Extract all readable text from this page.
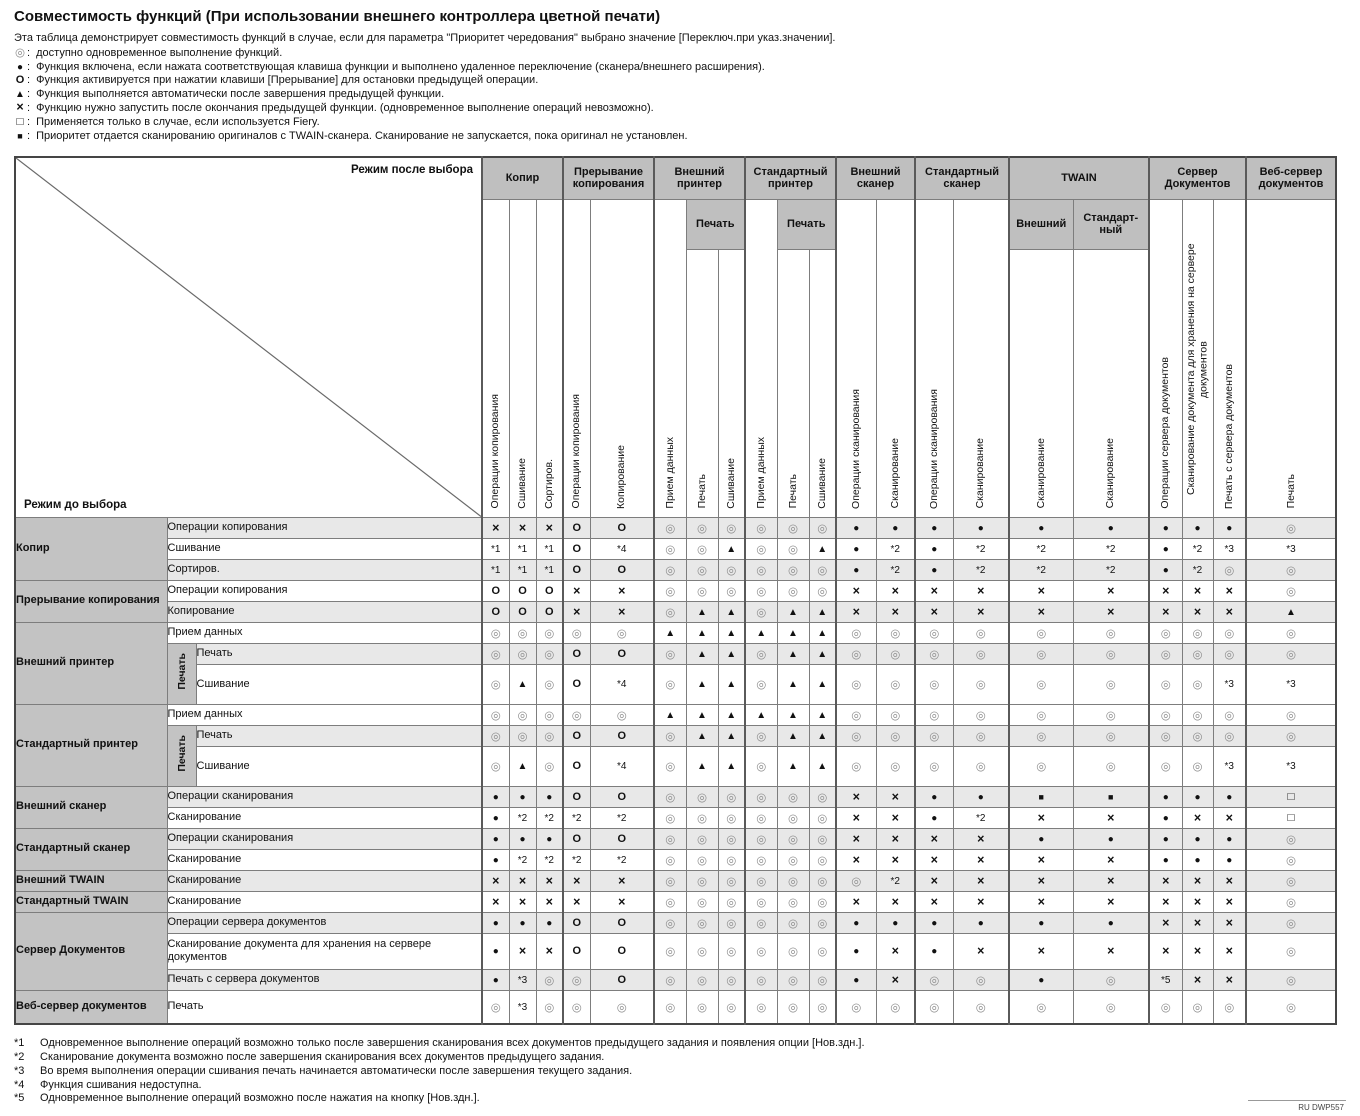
Совместимость функций (При использовании внешнего контроллера цветной печати)

Эта таблица демонстрирует совместимость функций в случае, если для параметра "Приоритет чередования" выбрано значение [Переключ.при указ.значении].

◎ : доступно одновременное выполнение функций.
● : Функция включена, если нажата соответствующая клавиша функции и выполнено удаленное переключение (сканера/внешнего расширения).
O : Функция активируется при нажатии клавиши [Прерывание] для остановки предыдущей операции.
▲ : Функция выполняется автоматически после завершения предыдущей функции.
× : Функцию нужно запустить после окончания предыдущей функции. (одновременное выполнение операций невозможно).
□ : Применяется только в случае, если используется Fiery.
■ : Приоритет отдается сканированию оригиналов с TWAIN-сканера. Сканирование не запускается, пока оригинал не установлен.
Режим после выбора
Режим до выбора			Копир			Прерывание копирования		Внешний принтер			Стандартный принтер			Внешний сканер		Стандартный сканер		TWAIN		Сервер Документов			Веб-сервер документов
			Операции копирования	Сшивание	Сортиров.	Операции копирования	Копирование	Прием данных	Печать		Прием данных	Печать		Операции сканирования	Сканирование	Операции сканирования	Сканирование	Внешний	Стандарт-ный	Операции сервера документов	Сканирование документа для хранения на сервере документов	Печать с сервера документов	Печать
									Печать	Сшивание		Печать	Сшивание					Сканирование	Сканирование				
Копир	Операции копирования		×	×	×	O	O	◎	◎	◎	◎	◎	◎	●	●	●	●	●	●	●	●	●	◎
	Сшивание		*1	*1	*1	O	*4	◎	◎	▲	◎	◎	▲	●	*2	●	*2	*2	*2	●	*2	*3	*3
	Сортиров.		*1	*1	*1	O	O	◎	◎	◎	◎	◎	◎	●	*2	●	*2	*2	*2	●	*2	◎	◎
Прерывание копирования	Операции копирования		O	O	O	×	×	◎	◎	◎	◎	◎	◎	×	×	×	×	×	×	×	×	×	◎
	Копирование		O	O	O	×	×	◎	▲	▲	◎	▲	▲	×	×	×	×	×	×	×	×	×	▲
Внешний принтер	Прием данных		◎	◎	◎	◎	◎	▲	▲	▲	▲	▲	▲	◎	◎	◎	◎	◎	◎	◎	◎	◎	◎
	Печать	Печать	◎	◎	◎	O	O	◎	▲	▲	◎	▲	▲	◎	◎	◎	◎	◎	◎	◎	◎	◎	◎
		Сшивание	◎	▲	◎	O	*4	◎	▲	▲	◎	▲	▲	◎	◎	◎	◎	◎	◎	◎	◎	*3	*3
Стандартный принтер	Прием данных		◎	◎	◎	◎	◎	▲	▲	▲	▲	▲	▲	◎	◎	◎	◎	◎	◎	◎	◎	◎	◎
	Печать	Печать	◎	◎	◎	O	O	◎	▲	▲	◎	▲	▲	◎	◎	◎	◎	◎	◎	◎	◎	◎	◎
		Сшивание	◎	▲	◎	O	*4	◎	▲	▲	◎	▲	▲	◎	◎	◎	◎	◎	◎	◎	◎	*3	*3
Внешний сканер	Операции сканирования		●	●	●	O	O	◎	◎	◎	◎	◎	◎	×	×	●	●	■	■	●	●	●	□
	Сканирование		●	*2	*2	*2	*2	◎	◎	◎	◎	◎	◎	×	×	●	*2	×	×	●	×	×	□
Стандартный сканер	Операции сканирования		●	●	●	O	O	◎	◎	◎	◎	◎	◎	×	×	×	×	●	●	●	●	●	◎
	Сканирование		●	*2	*2	*2	*2	◎	◎	◎	◎	◎	◎	×	×	×	×	×	×	●	●	●	◎
Внешний TWAIN	Сканирование		×	×	×	×	×	◎	◎	◎	◎	◎	◎	◎	*2	×	×	×	×	×	×	×	◎
Стандартный TWAIN	Сканирование		×	×	×	×	×	◎	◎	◎	◎	◎	◎	×	×	×	×	×	×	×	×	×	◎
Сервер Документов	Операции сервера документов		●	●	●	O	O	◎	◎	◎	◎	◎	◎	●	●	●	●	●	●	×	×	×	◎
	Сканирование документа для хранения на сервере документов		●	×	×	O	O	◎	◎	◎	◎	◎	◎	●	×	●	×	×	×	×	×	×	◎
	Печать с сервера документов		●	*3	◎	◎	O	◎	◎	◎	◎	◎	◎	●	×	◎	◎	●	◎	*5	×	×	◎
Веб-сервер документов	Печать		◎	*3	◎	◎	◎	◎	◎	◎	◎	◎	◎	◎	◎	◎	◎	◎	◎	◎	◎	◎	◎
*1 Одновременное выполнение операций возможно только после завершения сканирования всех документов предыдущего задания и появления опции [Нов.здн.].
*2 Сканирование документа возможно после завершения сканирования всех документов предыдущего задания.
*3 Во время выполнения операции сшивания печать начинается автоматически после завершения текущего задания.
*4 Функция сшивания недоступна.
*5 Одновременное выполнение операций возможно после нажатия на кнопку [Нов.здн.].
RU DWP557
